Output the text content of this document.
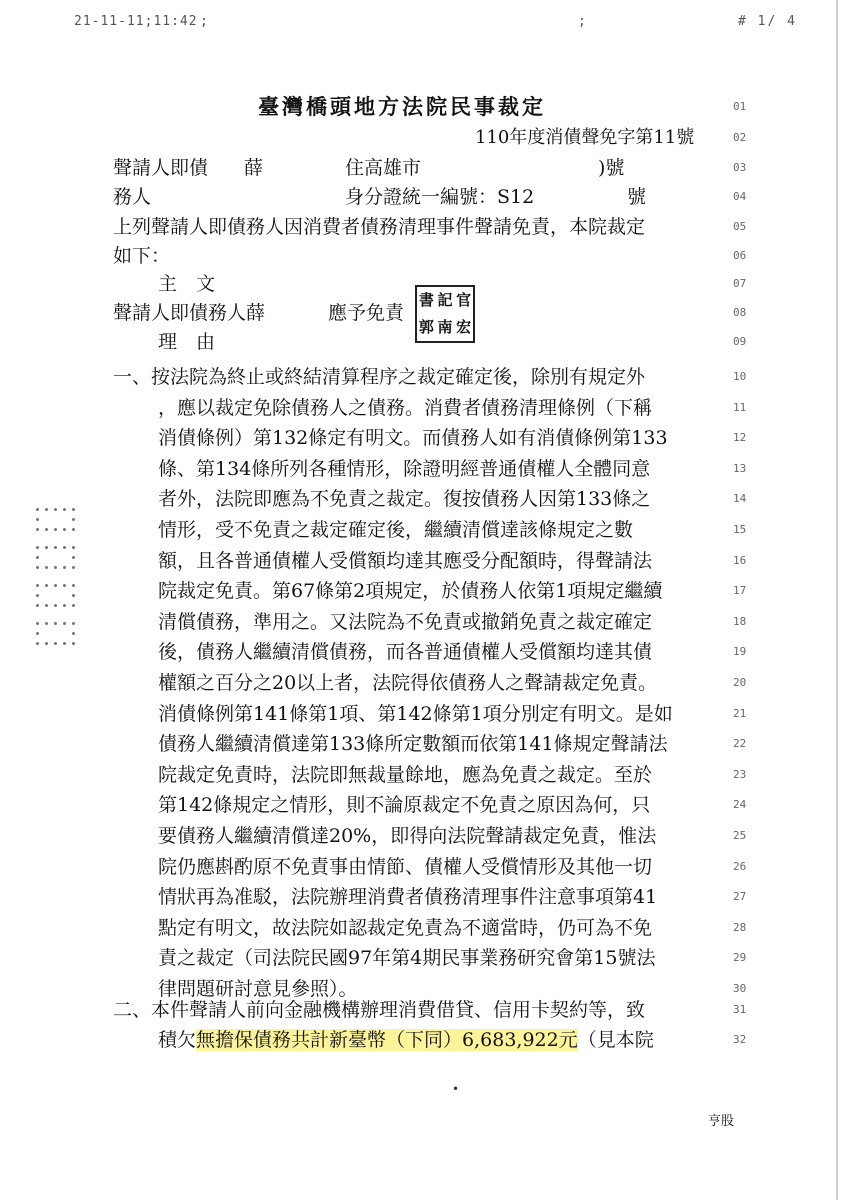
21-11-11;11:42 ;	;	# 1/ 4
臺灣橋頭地方法院民事裁定	01
110年度消債聲免字第11號	02
聲請人即債 薛	住高雄市	)號	03
務人	身分證統一編號：S12	號	04
上列聲請人即債務人因消費者債務清理事件聲請免責，本院裁定	05
如下：	06
主　文	07
聲請人即債務人薛	應予免責	08
書 記 官
郭 南 宏
理　由	09
一、按法院為終止或終結清算程序之裁定確定後，除別有規定外	10
，應以裁定免除債務人之債務。消費者債務清理條例（下稱	11
消債條例）第132條定有明文。而債務人如有消債條例第133	12
條、第134條所列各種情形，除證明經普通債權人全體同意	13
者外，法院即應為不免責之裁定。復按債務人因第133條之	14
情形，受不免責之裁定確定後，繼續清償達該條規定之數	15
額，且各普通債權人受償額均達其應受分配額時，得聲請法	16
院裁定免責。第67條第2項規定，於債務人依第1項規定繼續	17
清償債務，準用之。又法院為不免責或撤銷免責之裁定確定	18
後，債務人繼續清償債務，而各普通債權人受償額均達其債	19
權額之百分之20以上者，法院得依債務人之聲請裁定免責。	20
消債條例第141條第1項、第142條第1項分別定有明文。是如	21
債務人繼續清償達第133條所定數額而依第141條規定聲請法	22
院裁定免責時，法院即無裁量餘地，應為免責之裁定。至於	23
第142條規定之情形，則不論原裁定不免責之原因為何，只	24
要債務人繼續清償達20%，即得向法院聲請裁定免責，惟法	25
院仍應斟酌原不免責事由情節、債權人受償情形及其他一切	26
情狀再為准駁，法院辦理消費者債務清理事件注意事項第41	27
點定有明文，故法院如認裁定免責為不適當時，仍可為不免	28
責之裁定（司法院民國97年第4期民事業務研究會第15號法	29
律問題研討意見參照）。	30
二、本件聲請人前向金融機構辦理消費借貸、信用卡契約等，致	31
積欠無擔保債務共計新臺幣（下同）6,683,922元（見本院	32
•
亨股
